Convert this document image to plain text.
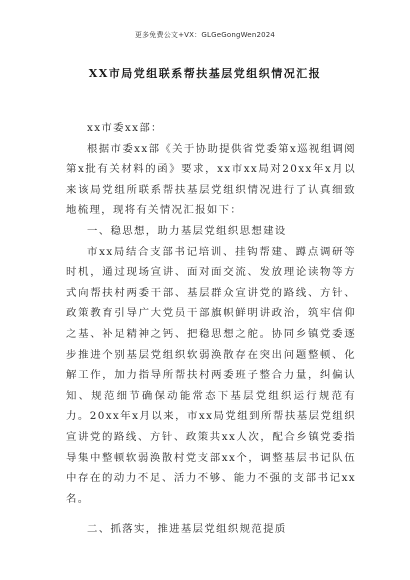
更多免费公文+VX：GLGeGongWen2024
XX市局党组联系帮扶基层党组织情况汇报

xx市委xx部：

根据市委xx部《关于协助提供省党委第x巡视组调阅第x批有关材料的函》要求，xx市xx局对20xx年x月以来该局党组所联系帮扶基层党组织情况进行了认真细致地梳理，现将有关情况汇报如下：

一、稳思想，助力基层党组织思想建设

市xx局结合支部书记培训、挂钩帮建、蹲点调研等时机，通过现场宣讲、面对面交流、发放理论读物等方式向帮扶村两委干部、基层群众宣讲党的路线、方针、政策教育引导广大党员干部旗帜鲜明讲政治，筑牢信仰之基、补足精神之钙、把稳思想之舵。协同乡镇党委逐步推进个别基层党组织软弱涣散存在突出问题整顿、化解工作，加力指导所帮扶村两委班子整合力量，纠偏认知、规范细节确保动能常态下基层党组织运行规范有力。20xx年x月以来，市xx局党组到所帮扶基层党组织宣讲党的路线、方针、政策共xx人次，配合乡镇党委指导集中整顿软弱涣散村党支部xx个，调整基层书记队伍中存在的动力不足、活力不够、能力不强的支部书记xx名。

二、抓落实，推进基层党组织规范提质
